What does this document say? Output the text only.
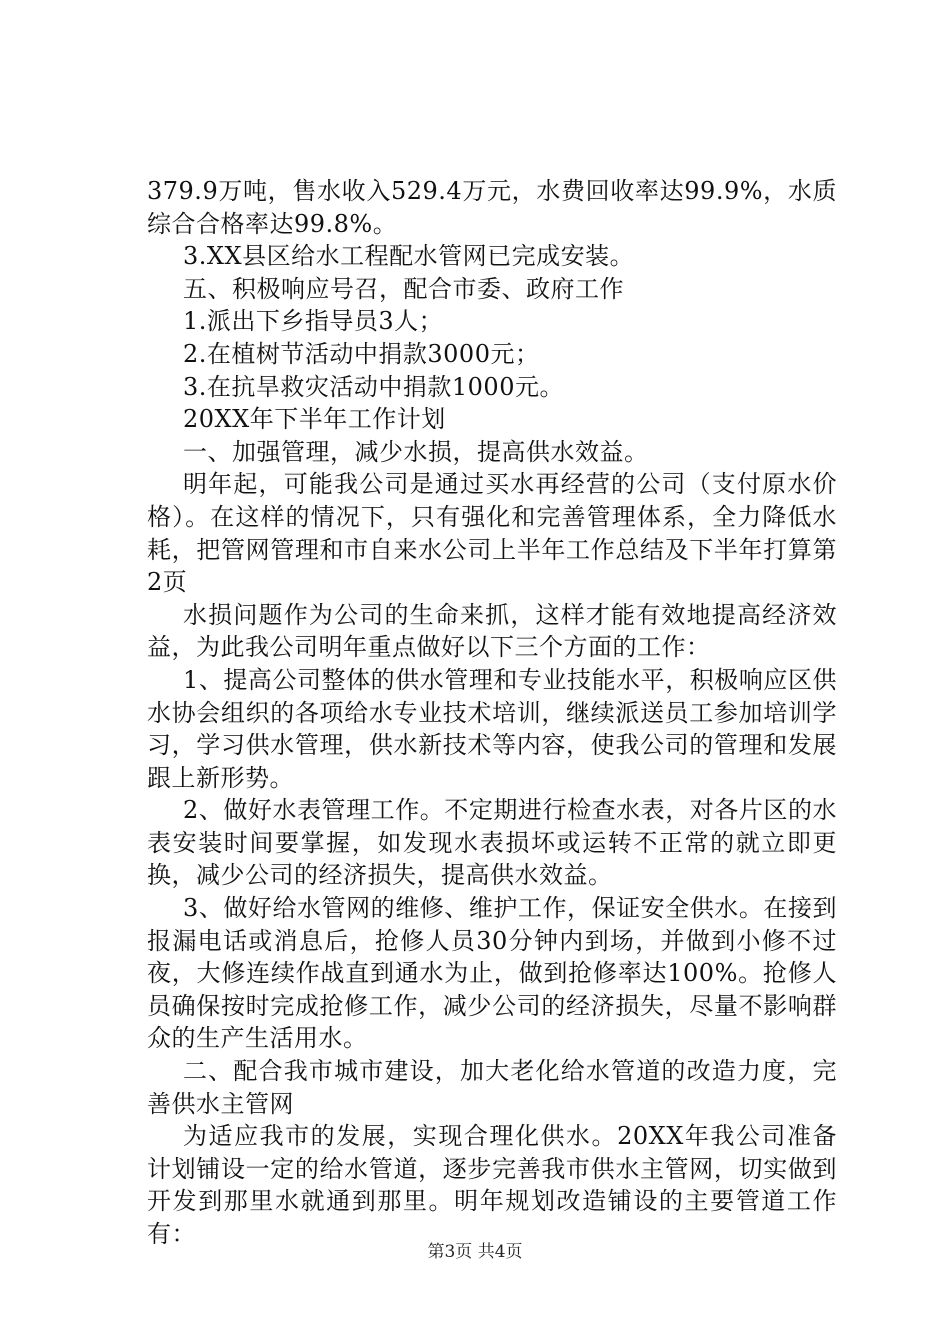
379.9万吨，售水收入529.4万元，水费回收率达99.9%，水质综合合格率达99.8%。

3.XX县区给水工程配水管网已完成安装。

五、积极响应号召，配合市委、政府工作

1.派出下乡指导员3人；

2.在植树节活动中捐款3000元；

3.在抗旱救灾活动中捐款1000元。

20XX年下半年工作计划

一、加强管理，减少水损，提高供水效益。

明年起，可能我公司是通过买水再经营的公司（支付原水价格）。在这样的情况下，只有强化和完善管理体系，全力降低水耗，把管网管理和市自来水公司上半年工作总结及下半年打算第2页

水损问题作为公司的生命来抓，这样才能有效地提高经济效益，为此我公司明年重点做好以下三个方面的工作：

1、提高公司整体的供水管理和专业技能水平，积极响应区供水协会组织的各项给水专业技术培训，继续派送员工参加培训学习，学习供水管理，供水新技术等内容，使我公司的管理和发展跟上新形势。

2、做好水表管理工作。不定期进行检查水表，对各片区的水表安装时间要掌握，如发现水表损坏或运转不正常的就立即更换，减少公司的经济损失，提高供水效益。

3、做好给水管网的维修、维护工作，保证安全供水。在接到报漏电话或消息后，抢修人员30分钟内到场，并做到小修不过夜，大修连续作战直到通水为止，做到抢修率达100%。抢修人员确保按时完成抢修工作，减少公司的经济损失，尽量不影响群众的生产生活用水。

二、配合我市城市建设，加大老化给水管道的改造力度，完善供水主管网

为适应我市的发展，实现合理化供水。20XX年我公司准备计划铺设一定的给水管道，逐步完善我市供水主管网，切实做到开发到那里水就通到那里。明年规划改造铺设的主要管道工作有：

第3页 共4页
